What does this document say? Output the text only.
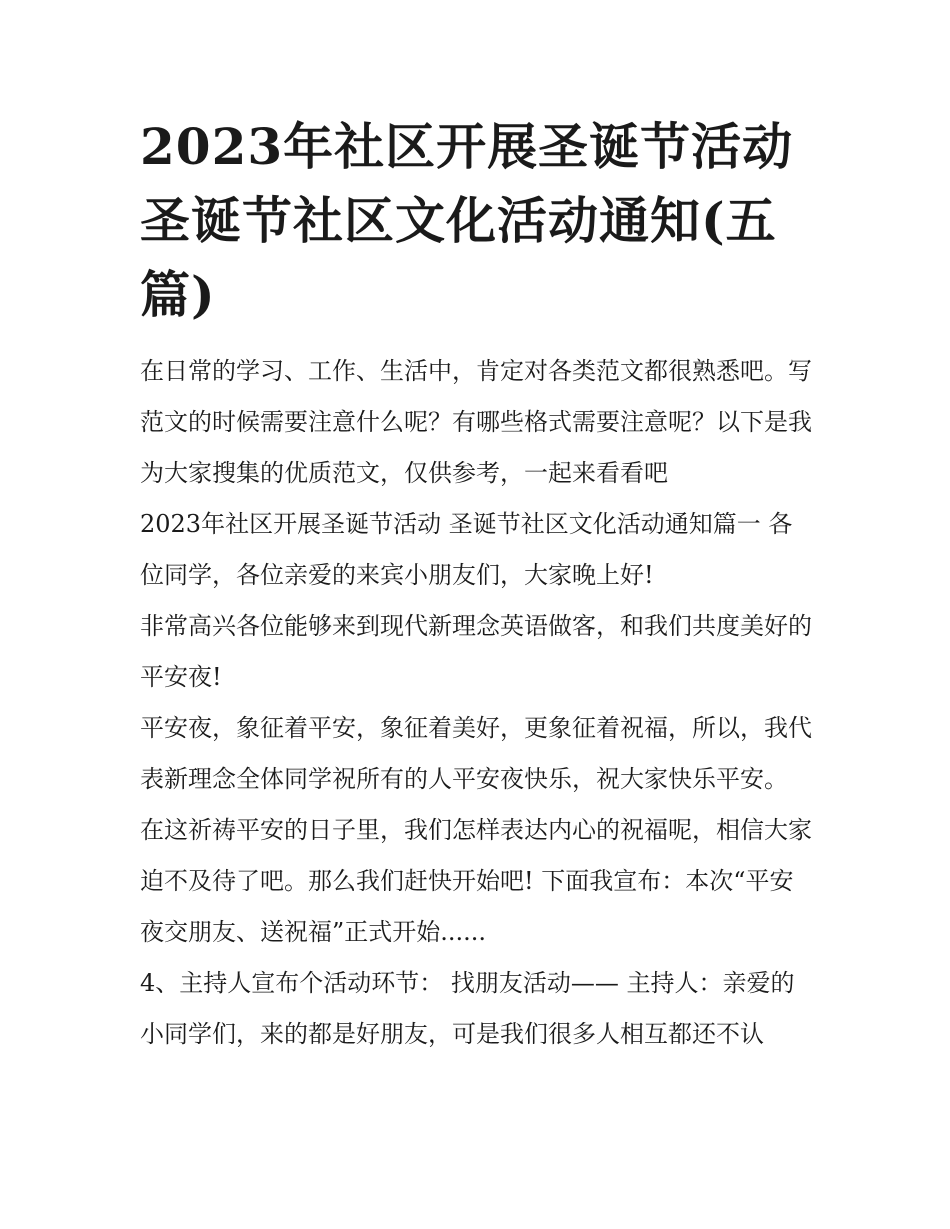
2023年社区开展圣诞节活动
圣诞节社区文化活动通知(五
篇)

在日常的学习、工作、生活中，肯定对各类范文都很熟悉吧。写范文的时候需要注意什么呢？有哪些格式需要注意呢？以下是我为大家搜集的优质范文，仅供参考，一起来看看吧

2023年社区开展圣诞节活动 圣诞节社区文化活动通知篇一 各位同学，各位亲爱的来宾小朋友们，大家晚上好!

非常高兴各位能够来到现代新理念英语做客，和我们共度美好的平安夜!

平安夜，象征着平安，象征着美好，更象征着祝福，所以，我代表新理念全体同学祝所有的人平安夜快乐，祝大家快乐平安。

在这祈祷平安的日子里，我们怎样表达内心的祝福呢，相信大家迫不及待了吧。那么我们赶快开始吧! 下面我宣布：本次“平安夜交朋友、送祝福”正式开始......

4、主持人宣布个活动环节： 找朋友活动—— 主持人：亲爱的小同学们，来的都是好朋友，可是我们很多人相互都还不认
